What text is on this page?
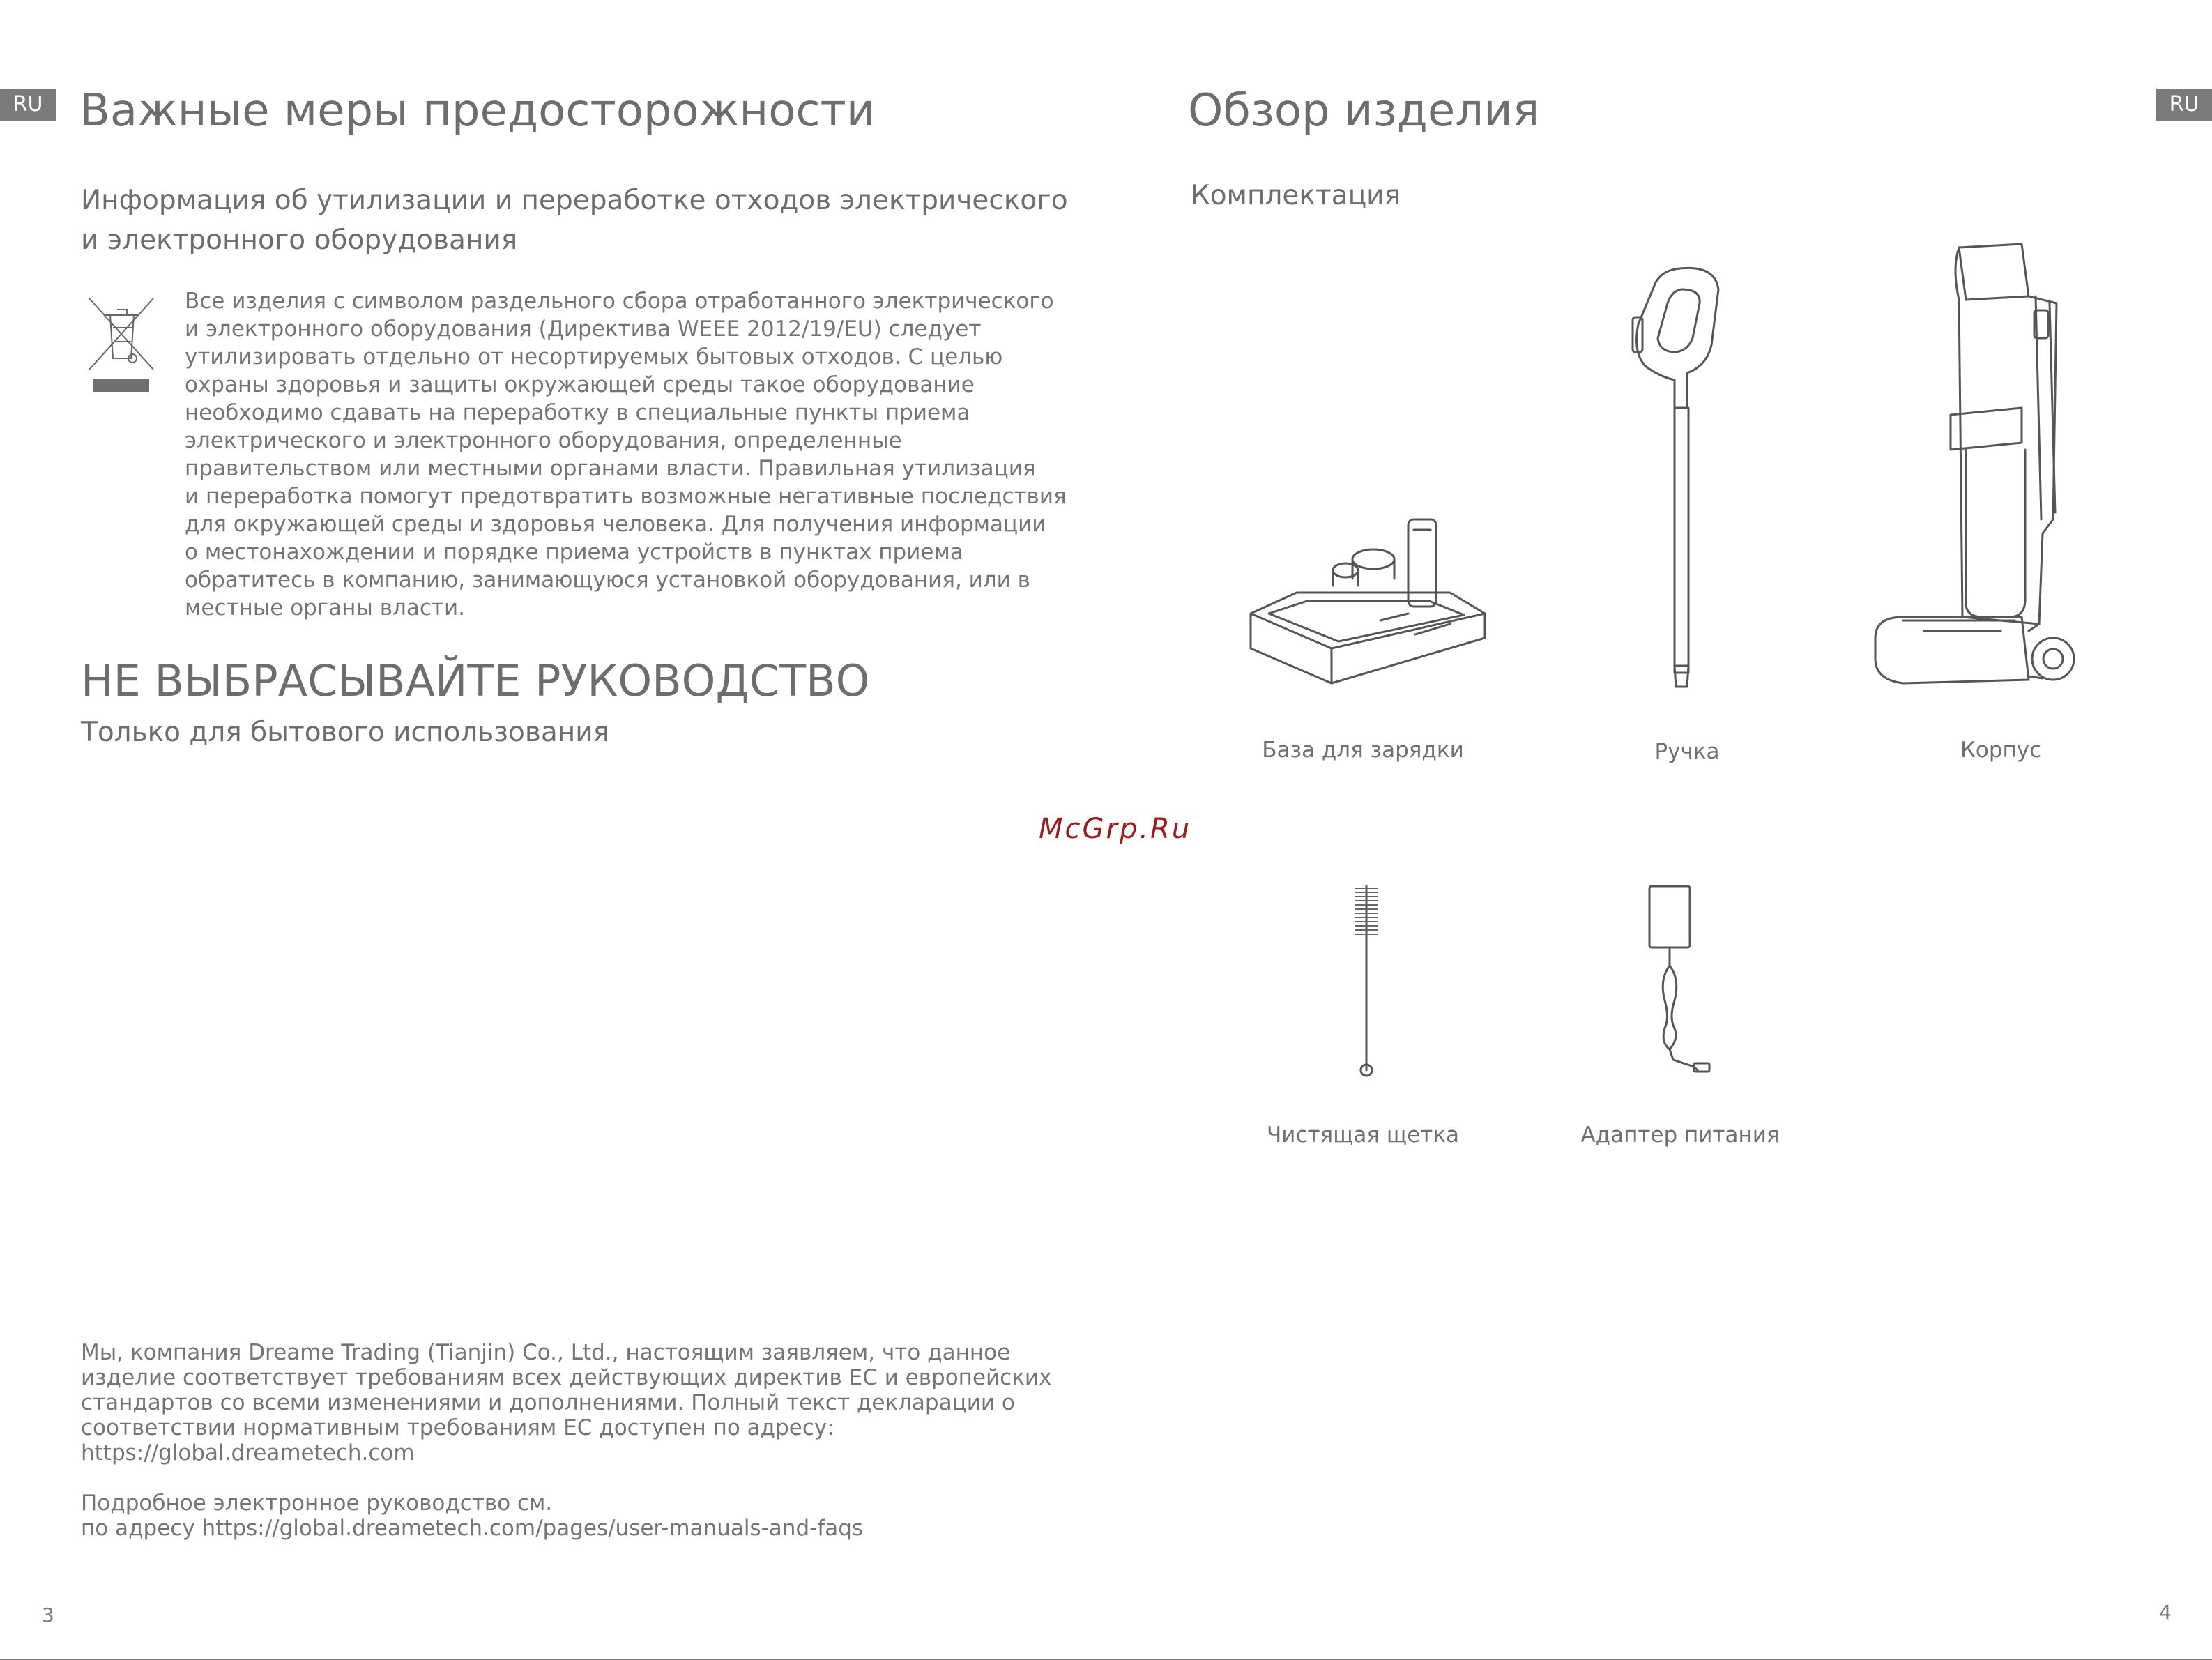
RU Важные меры предосторожности
Информация об утилизации и переработке отходов электрического
и электронного оборудования
Все изделия с символом раздельного сбора отработанного электрического
и электронного оборудования (Директива WEEE 2012/19/EU) следует
утилизировать отдельно от несортируемых бытовых отходов. С целью
охраны здоровья и защиты окружающей среды такое оборудование
необходимо сдавать на переработку в специальные пункты приема
электрического и электронного оборудования, определенные
правительством или местными органами власти. Правильная утилизация
и переработка помогут предотвратить возможные негативные последствия
для окружающей среды и здоровья человека. Для получения информации
о местонахождении и порядке приема устройств в пунктах приема
обратитесь в компанию, занимающуюся установкой оборудования, или в
местные органы власти.
НЕ ВЫБРАСЫВАЙТЕ РУКОВОДСТВО
Только для бытового использования
Мы, компания Dreame Trading (Tianjin) Co., Ltd., настоящим заявляем, что данное
изделие соответствует требованиям всех действующих директив ЕС и европейских
стандартов со всеми изменениями и дополнениями. Полный текст декларации о
соответствии нормативным требованиям ЕС доступен по адресу:
https://global.dreametech.com
Подробное электронное руководство см.
по адресу https://global.dreametech.com/pages/user-manuals-and-faqs
3
RU
Обзор изделия
Комплектация
База для зарядки	Ручка	Корпус
Чистящая щетка	Адаптер питания
4
McGrp.Ru
